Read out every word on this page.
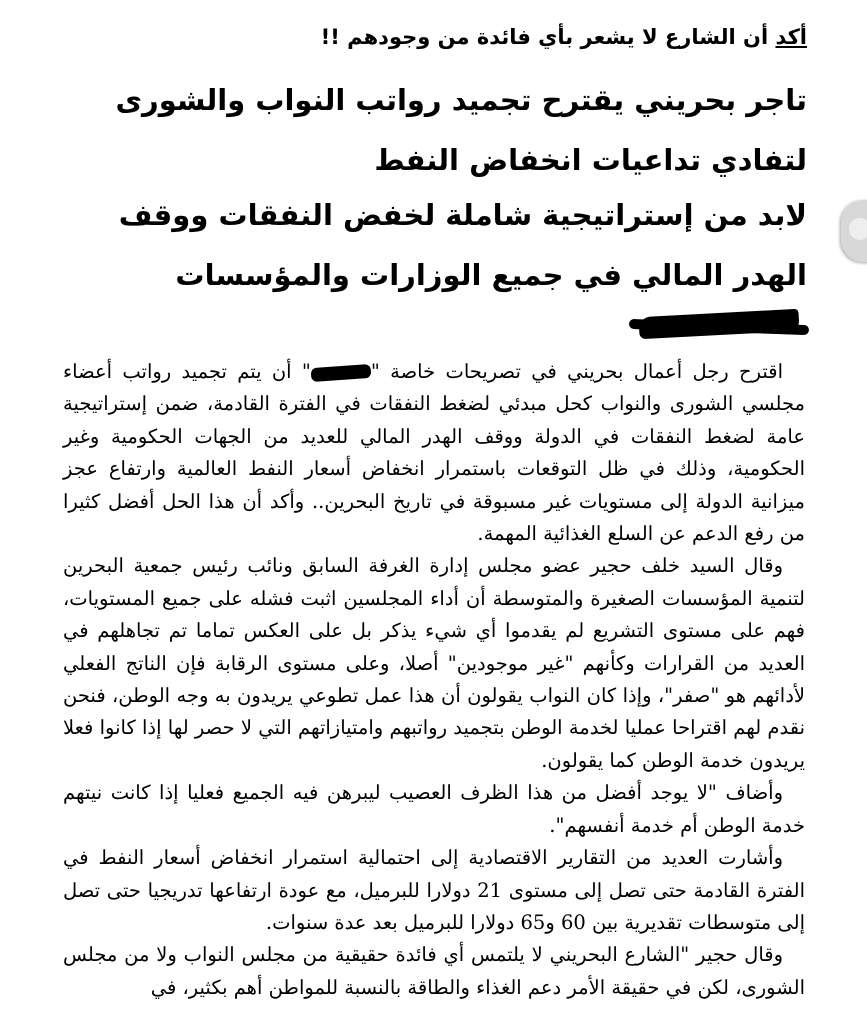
أكد أن الشارع لا يشعر بأي فائدة من وجودهم !!
تاجر بحريني يقترح تجميد رواتب النواب والشورى لتفادي تداعيات انخفاض النفط
لابد من إستراتيجية شاملة لخفض النفقات ووقف الهدر المالي في جميع الوزارات والمؤسسات

اقترح رجل أعمال بحريني في تصريحات خاصة "" أن يتم تجميد رواتب أعضاء مجلسي الشورى والنواب كحل مبدئي لضغط النفقات في الفترة القادمة، ضمن إستراتيجية عامة لضغط النفقات في الدولة ووقف الهدر المالي للعديد من الجهات الحكومية وغير الحكومية، وذلك في ظل التوقعات باستمرار انخفاض أسعار النفط العالمية وارتفاع عجز ميزانية الدولة إلى مستويات غير مسبوقة في تاريخ البحرين.. وأكد أن هذا الحل أفضل كثيرا من رفع الدعم عن السلع الغذائية المهمة.

وقال السيد خلف حجير عضو مجلس إدارة الغرفة السابق ونائب رئيس جمعية البحرين لتنمية المؤسسات الصغيرة والمتوسطة أن أداء المجلسين اثبت فشله على جميع المستويات، فهم على مستوى التشريع لم يقدموا أي شيء يذكر بل على العكس تماما تم تجاهلهم في العديد من القرارات وكأنهم "غير موجودين" أصلا، وعلى مستوى الرقابة فإن الناتج الفعلي لأدائهم هو "صفر"، وإذا كان النواب يقولون أن هذا عمل تطوعي يريدون به وجه الوطن، فنحن نقدم لهم اقتراحا عمليا لخدمة الوطن بتجميد رواتبهم وامتيازاتهم التي لا حصر لها إذا كانوا فعلا يريدون خدمة الوطن كما يقولون.

وأضاف "لا يوجد أفضل من هذا الظرف العصيب ليبرهن فيه الجميع فعليا إذا كانت نيتهم خدمة الوطن أم خدمة أنفسهم".

وأشارت العديد من التقارير الاقتصادية إلى احتمالية استمرار انخفاض أسعار النفط في الفترة القادمة حتى تصل إلى مستوى 21 دولارا للبرميل، مع عودة ارتفاعها تدريجيا حتى تصل إلى متوسطات تقديرية بين 60 و65 دولارا للبرميل بعد عدة سنوات.

وقال حجير "الشارع البحريني لا يلتمس أي فائدة حقيقية من مجلس النواب ولا من مجلس الشورى، لكن في حقيقة الأمر دعم الغذاء والطاقة بالنسبة للمواطن أهم بكثير، في
